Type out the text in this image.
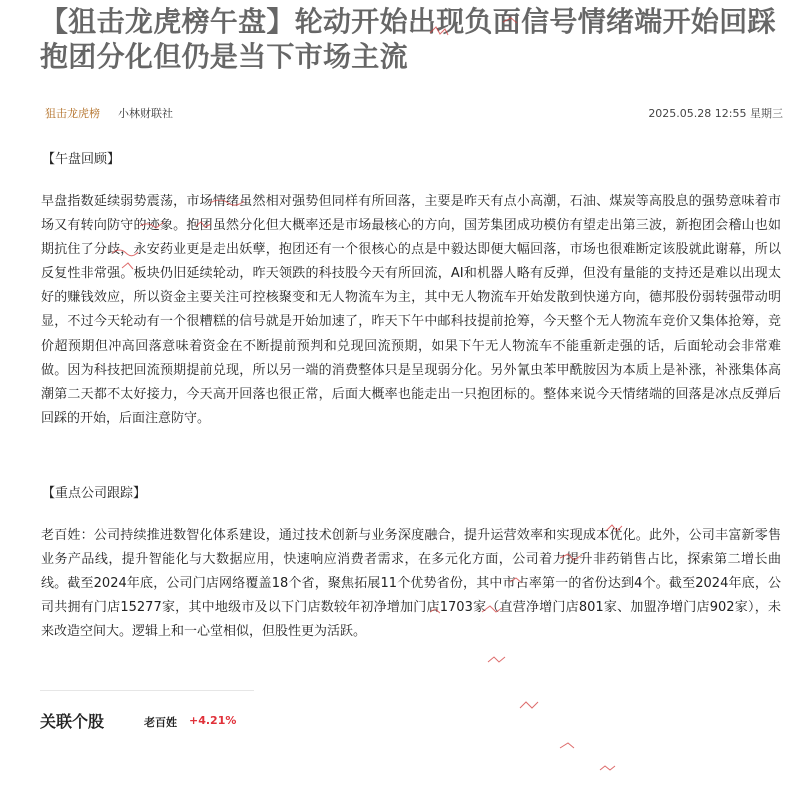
【狙击龙虎榜午盘】轮动开始出现负面信号情绪端开始回踩 抱团分化但仍是当下市场主流
狙击龙虎榜 小林财联社	2025.05.28 12:55 星期三

【午盘回顾】

早盘指数延续弱势震荡，市场情绪虽然相对强势但同样有所回落，主要是昨天有点小高潮，石油、煤炭等高股息的强势意味着市场又有转向防守的迹象。抱团虽然分化但大概率还是市场最核心的方向，国芳集团成功模仿有望走出第三波，新抱团会稽山也如期抗住了分歧，永安药业更是走出妖孽，抱团还有一个很核心的点是中毅达即便大幅回落，市场也很难断定该股就此谢幕，所以反复性非常强。板块仍旧延续轮动，昨天领跌的科技股今天有所回流，AI和机器人略有反弹，但没有量能的支持还是难以出现太好的赚钱效应，所以资金主要关注可控核聚变和无人物流车为主，其中无人物流车开始发散到快递方向，德邦股份弱转强带动明显，不过今天轮动有一个很糟糕的信号就是开始加速了，昨天下午中邮科技提前抢筹，今天整个无人物流车竞价又集体抢筹，竞价超预期但冲高回落意味着资金在不断提前预判和兑现回流预期，如果下午无人物流车不能重新走强的话，后面轮动会非常难做。因为科技把回流预期提前兑现，所以另一端的消费整体只是呈现弱分化。另外氰虫苯甲酰胺因为本质上是补涨，补涨集体高潮第二天都不太好接力，今天高开回落也很正常，后面大概率也能走出一只抱团标的。整体来说今天情绪端的回落是冰点反弹后回踩的开始，后面注意防守。

【重点公司跟踪】

老百姓：公司持续推进数智化体系建设，通过技术创新与业务深度融合，提升运营效率和实现成本优化。此外，公司丰富新零售业务产品线，提升智能化与大数据应用，快速响应消费者需求，在多元化方面，公司着力提升非药销售占比，探索第二增长曲线。截至2024年底，公司门店网络覆盖18个省，聚焦拓展11个优势省份，其中市占率第一的省份达到4个。截至2024年底，公司共拥有门店15277家，其中地级市及以下门店数较年初净增加门店1703家（直营净增门店801家、加盟净增门店902家），未来改造空间大。逻辑上和一心堂相似，但股性更为活跃。

关联个股	老百姓 +4.21%
